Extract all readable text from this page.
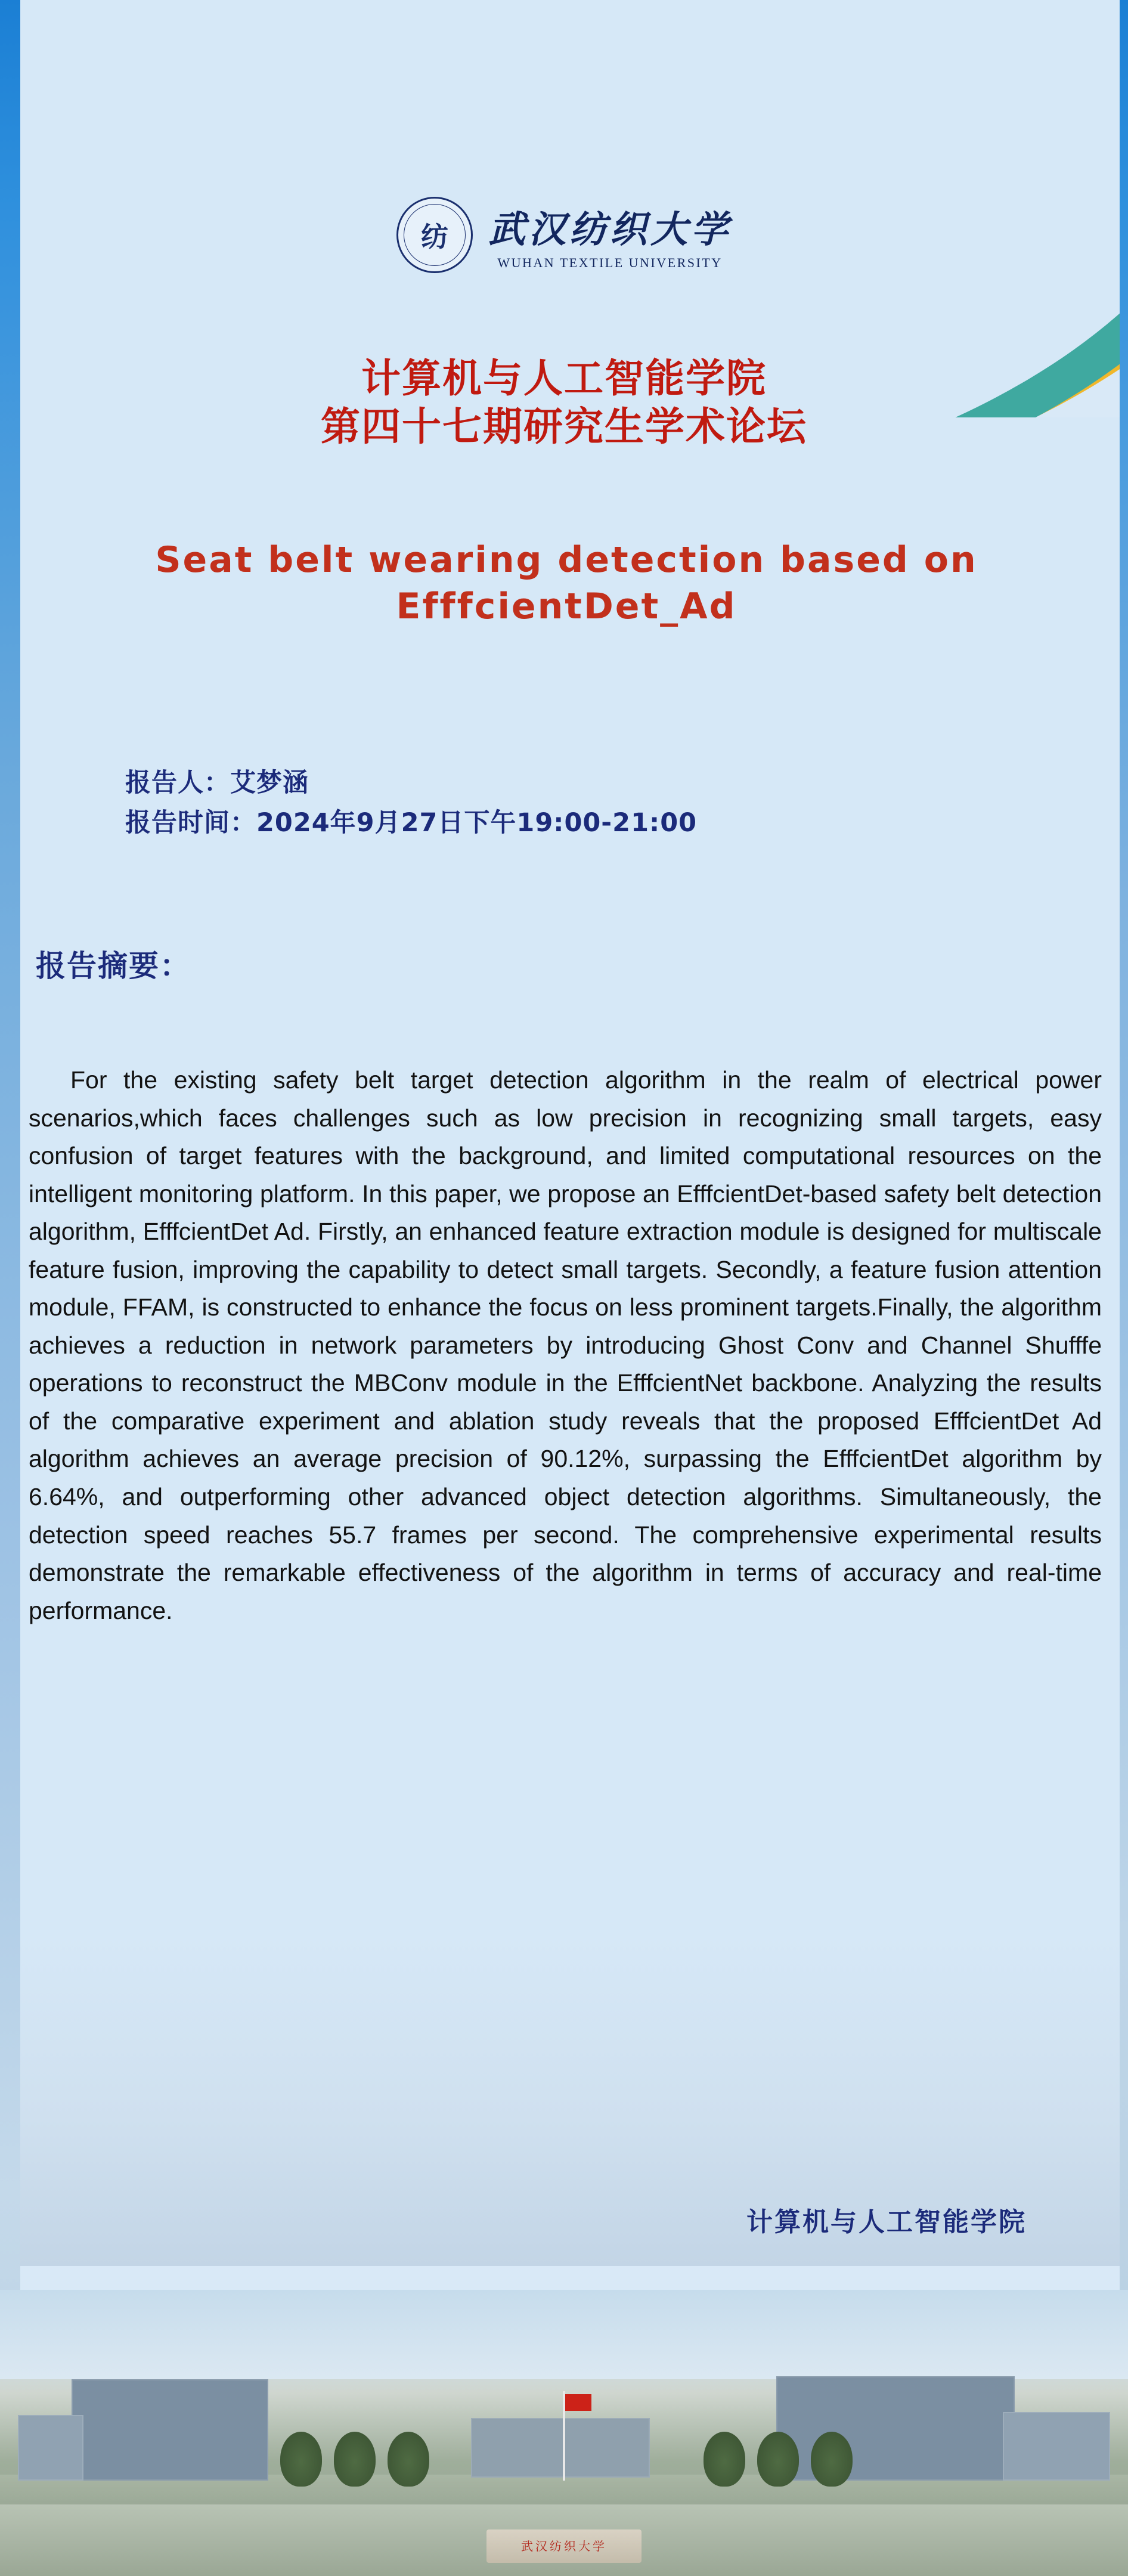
纺 武汉纺织大学
WUHAN TEXTILE UNIVERSITY
计算机与人工智能学院
第四十七期研究生学术论坛
Seat belt wearing detection based on EfffcientDet_Ad
报告人：艾梦涵
报告时间：2024年9月27日下午19:00-21:00
报告摘要：
For the existing safety belt target detection algorithm in the realm of electrical power scenarios,which faces challenges such as low precision in recognizing small targets, easy confusion of target features with the background, and limited computational resources on the intelligent monitoring platform. In this paper, we propose an EfffcientDet-based safety belt detection algorithm, EfffcientDet Ad. Firstly, an enhanced feature extraction module is designed for multiscale feature fusion, improving the capability to detect small targets. Secondly, a feature fusion attention module, FFAM, is constructed to enhance the focus on less prominent targets.Finally, the algorithm achieves a reduction in network parameters by introducing Ghost Conv and Channel Shufffe operations to reconstruct the MBConv module in the EfffcientNet backbone. Analyzing the results of the comparative experiment and ablation study reveals that the proposed EfffcientDet Ad algorithm achieves an average precision of 90.12%, surpassing the EfffcientDet algorithm by 6.64%, and outperforming other advanced object detection algorithms. Simultaneously, the detection speed reaches 55.7 frames per second. The comprehensive experimental results demonstrate the remarkable effectiveness of the algorithm in terms of accuracy and real-time performance.
计算机与人工智能学院
武汉纺织大学
